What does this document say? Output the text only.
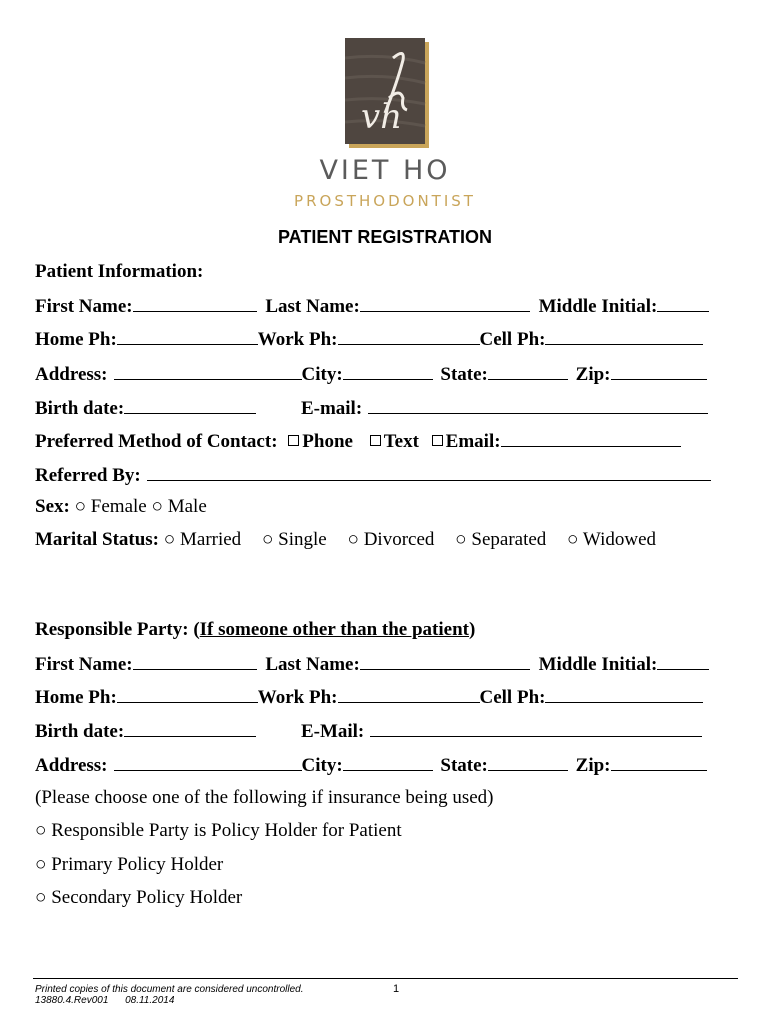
vh
VIET HO
PROSTHODONTIST
PATIENT REGISTRATION
Patient Information:
First Name:	Last Name:	Middle Initial:
Home Ph:	Work Ph:	Cell Ph:
Address:	City:	State:	Zip:
Birth date:	E-mail:
Preferred Method of Contact: Phone Text Email:
Referred By:
Sex: ○ Female ○ Male
Marital Status: ○ Married ○ Single ○ Divorced ○ Separated ○ Widowed
Responsible Party: (If someone other than the patient)
First Name:	Last Name:	Middle Initial:
Home Ph:	Work Ph:	Cell Ph:
Birth date:	E-Mail:
Address:	City:	State:	Zip:
(Please choose one of the following if insurance being used)
○ Responsible Party is Policy Holder for Patient
○ Primary Policy Holder
○ Secondary Policy Holder
Printed copies of this document are considered uncontrolled.
13880.4.Rev001 08.11.2014
1
